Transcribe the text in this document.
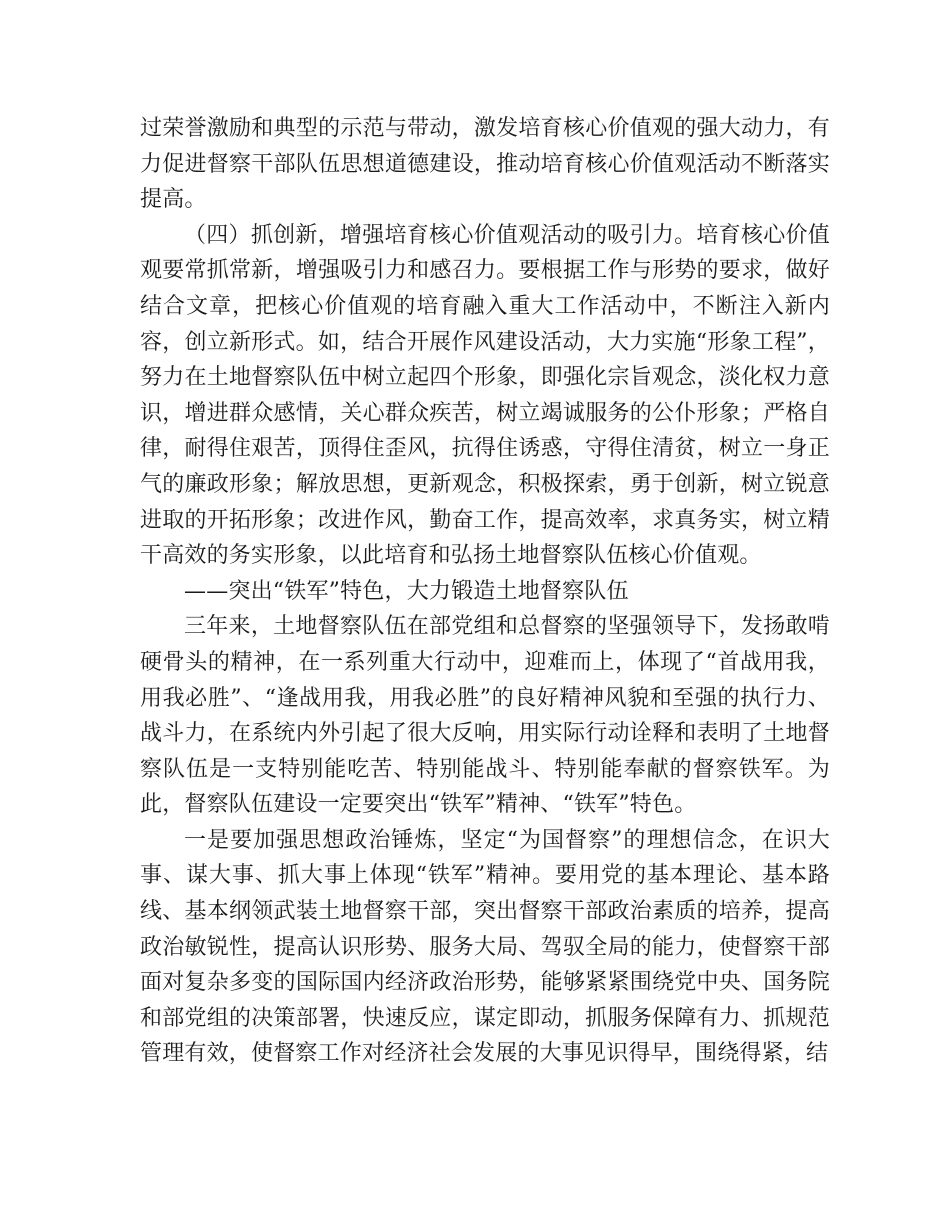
过荣誉激励和典型的示范与带动，激发培育核心价值观的强大动力，有力促进督察干部队伍思想道德建设，推动培育核心价值观活动不断落实提高。

（四）抓创新，增强培育核心价值观活动的吸引力。培育核心价值观要常抓常新，增强吸引力和感召力。要根据工作与形势的要求，做好结合文章，把核心价值观的培育融入重大工作活动中，不断注入新内容，创立新形式。如，结合开展作风建设活动，大力实施“形象工程”，努力在土地督察队伍中树立起四个形象，即强化宗旨观念，淡化权力意识，增进群众感情，关心群众疾苦，树立竭诚服务的公仆形象；严格自律，耐得住艰苦，顶得住歪风，抗得住诱惑，守得住清贫，树立一身正气的廉政形象；解放思想，更新观念，积极探索，勇于创新，树立锐意进取的开拓形象；改进作风，勤奋工作，提高效率，求真务实，树立精干高效的务实形象，以此培育和弘扬土地督察队伍核心价值观。

——突出“铁军”特色，大力锻造土地督察队伍

三年来，土地督察队伍在部党组和总督察的坚强领导下，发扬敢啃硬骨头的精神，在一系列重大行动中，迎难而上，体现了“首战用我，用我必胜”、“逢战用我，用我必胜”的良好精神风貌和至强的执行力、战斗力，在系统内外引起了很大反响，用实际行动诠释和表明了土地督察队伍是一支特别能吃苦、特别能战斗、特别能奉献的督察铁军。为此，督察队伍建设一定要突出“铁军”精神、“铁军”特色。

一是要加强思想政治锤炼，坚定“为国督察”的理想信念，在识大事、谋大事、抓大事上体现“铁军”精神。要用党的基本理论、基本路线、基本纲领武装土地督察干部，突出督察干部政治素质的培养，提高政治敏锐性，提高认识形势、服务大局、驾驭全局的能力，使督察干部面对复杂多变的国际国内经济政治形势，能够紧紧围绕党中央、国务院和部党组的决策部署，快速反应，谋定即动，抓服务保障有力、抓规范管理有效，使督察工作对经济社会发展的大事见识得早，围绕得紧，结
